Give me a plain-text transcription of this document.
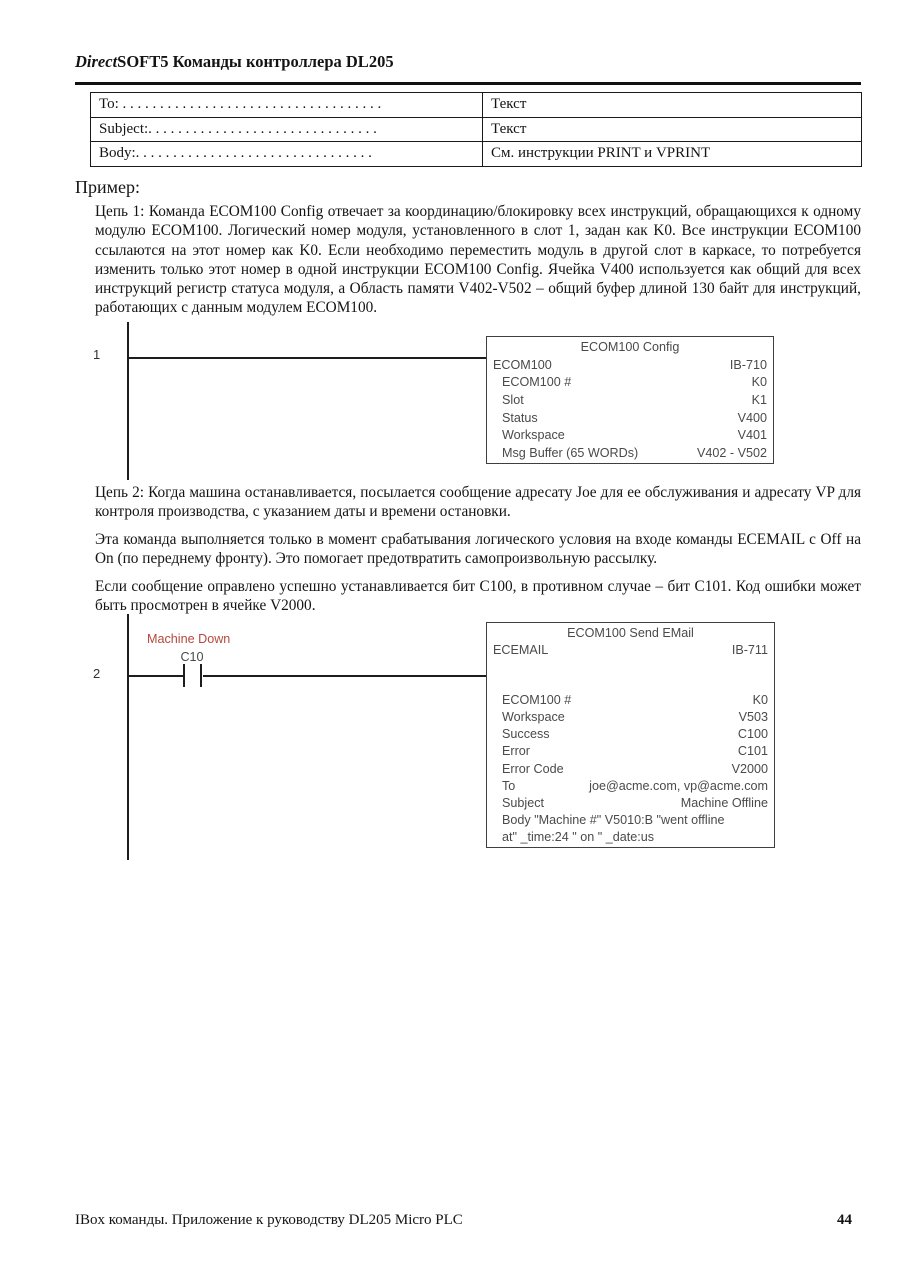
DirectSOFT5 Команды контроллера DL205
To: . . . . . . . . . . . . . . . . . . . . . . . . . . . . . . . . . . .	Текст
Subject:. . . . . . . . . . . . . . . . . . . . . . . . . . . . . . .	Текст
Body:. . . . . . . . . . . . . . . . . . . . . . . . . . . . . . . .	См. инструкции PRINT и VPRINT
Пример:
Цепь 1: Команда ECOM100 Config отвечает за координацию/блокировку всех инструкций, обращающихся к одному модулю ECOM100. Логический номер модуля, установленного в слот 1, задан как K0. Все инструкции ECOM100 ссылаются на этот номер как K0. Если необходимо переместить модуль в другой слот в каркасе, то потребуется изменить только этот номер в одной инструкции ECOM100 Config. Ячейка V400 используется как общий для всех инструкций регистр статуса модуля, а Область памяти V402-V502 – общий буфер длиной 130 байт для инструкций, работающих с данным модулем ECOM100.
Цепь 2: Когда машина останавливается, посылается сообщение адресату Joe для ее обслуживания и адресату VP для контроля производства, с указанием даты и времени остановки.
Эта команда выполняется только в момент срабатывания логического условия на входе команды ECEMAIL с Off на On (по переднему фронту). Это помогает предотвратить самопроизвольную рассылку.
Если сообщение оправлено успешно устанавливается бит C100, в противном случае – бит C101. Код ошибки может быть просмотрен в ячейке V2000.
1	ECOM100 Config
ECOM100	IB-710
ECOM100 #	K0
Slot	K1
Status	V400
Workspace	V401
Msg Buffer (65 WORDs)	V402 - V502
Machine Down
C10
2
ECOM100 Send EMail
ECEMAIL	IB-711
ECOM100 #	K0
Workspace	V503
Success	C100
Error	C101
Error Code	V2000
To	joe@acme.com, vp@acme.com
Subject	Machine Offline
Body "Machine #" V5010:B "went offline
at" _time:24 " on " _date:us
IBox команды. Приложение к руководству DL205 Micro PLC	44
